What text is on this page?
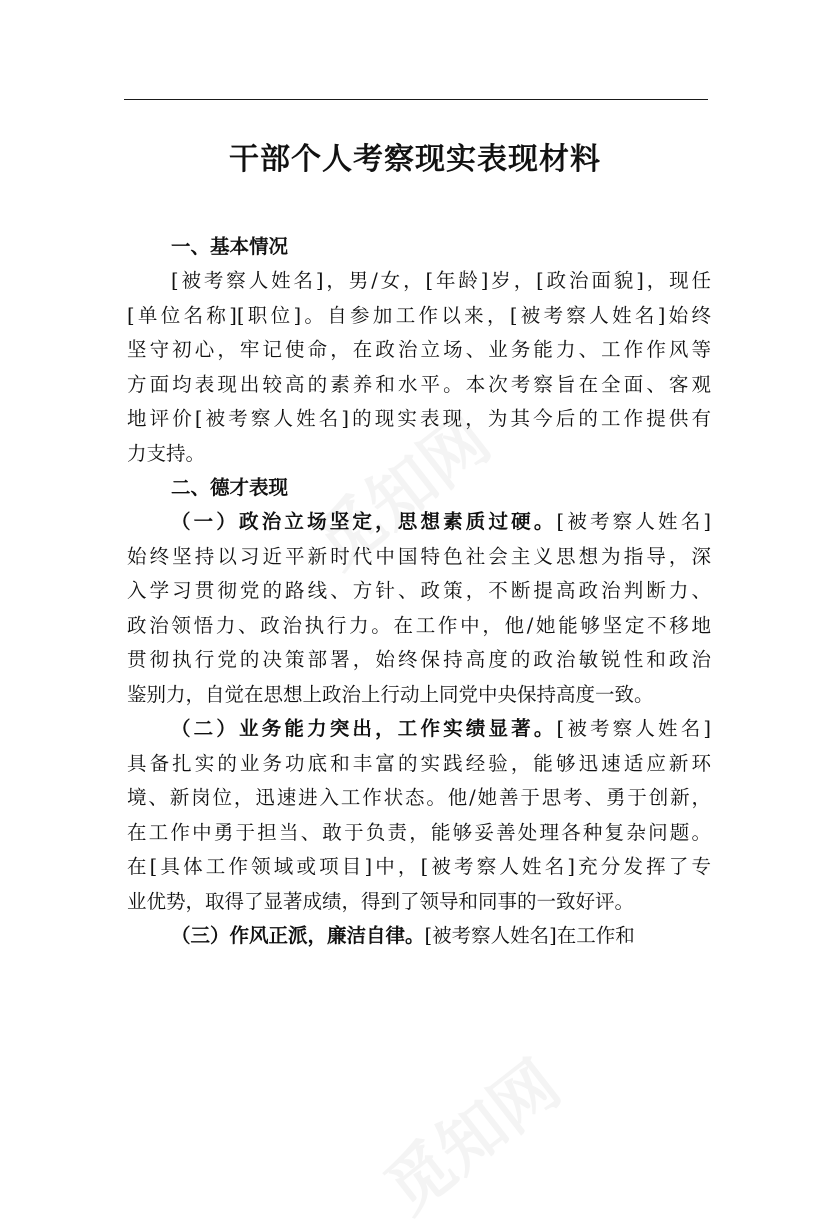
干部个人考察现实表现材料
一、基本情况
[被考察人姓名]，男/女，[年龄]岁，[政治面貌]，现任
[单位名称][职位]。自参加工作以来，[被考察人姓名]始终
坚守初心，牢记使命，在政治立场、业务能力、工作作风等
方面均表现出较高的素养和水平。本次考察旨在全面、客观
地评价[被考察人姓名]的现实表现，为其今后的工作提供有
力支持。
二、德才表现
（一）政治立场坚定，思想素质过硬。[被考察人姓名]
始终坚持以习近平新时代中国特色社会主义思想为指导，深
入学习贯彻党的路线、方针、政策，不断提高政治判断力、
政治领悟力、政治执行力。在工作中，他/她能够坚定不移地
贯彻执行党的决策部署，始终保持高度的政治敏锐性和政治
鉴别力，自觉在思想上政治上行动上同党中央保持高度一致。
（二）业务能力突出，工作实绩显著。[被考察人姓名]
具备扎实的业务功底和丰富的实践经验，能够迅速适应新环
境、新岗位，迅速进入工作状态。他/她善于思考、勇于创新，
在工作中勇于担当、敢于负责，能够妥善处理各种复杂问题。
在[具体工作领域或项目]中，[被考察人姓名]充分发挥了专
业优势，取得了显著成绩，得到了领导和同事的一致好评。
（三）作风正派，廉洁自律。[被考察人姓名]在工作和
